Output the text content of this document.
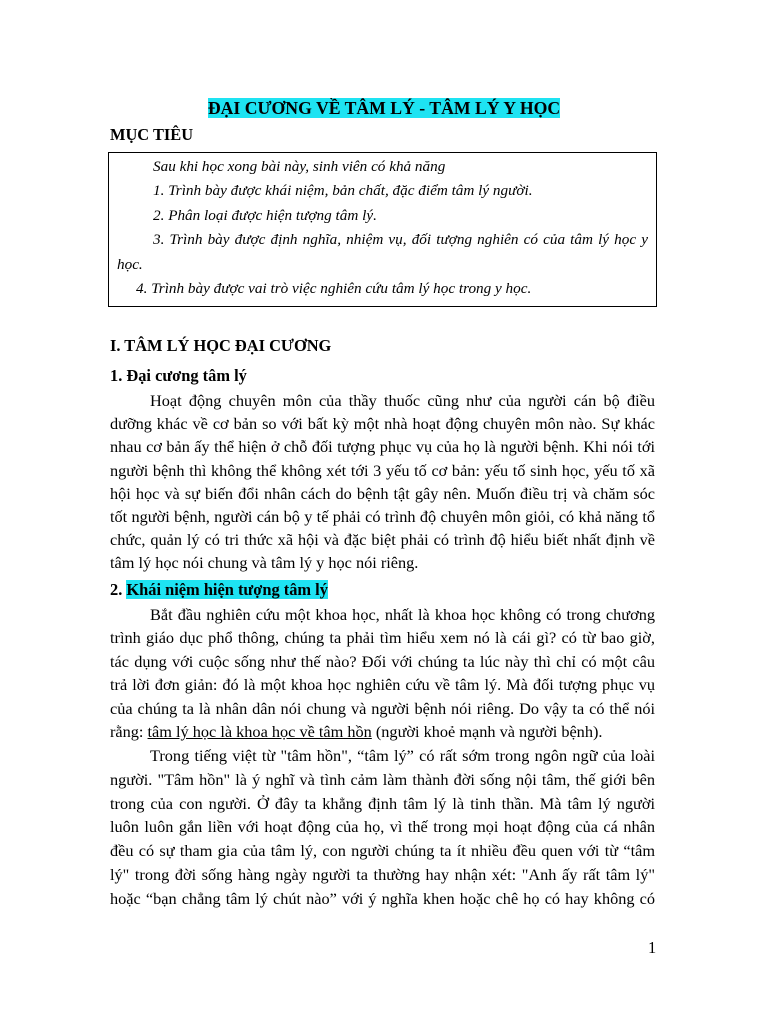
ĐẠI CƯƠNG VỀ TÂM LÝ - TÂM LÝ Y HỌC
MỤC TIÊU

Sau khi học xong bài này, sinh viên có khả năng

1. Trình bày được khái niệm, bản chất, đặc điểm tâm lý người.

2. Phân loại được hiện tượng tâm lý.

3. Trình bày được định nghĩa, nhiệm vụ, đối tượng nghiên có của tâm lý học y học.

4. Trình bày được vai trò việc nghiên cứu tâm lý học trong y học.

I. TÂM LÝ HỌC ĐẠI CƯƠNG
1. Đại cương tâm lý
Hoạt động chuyên môn của thầy thuốc cũng như của người cán bộ điều
dưỡng khác về cơ bản so với bất kỳ một nhà hoạt động chuyên môn nào. Sự khác
nhau cơ bản ấy thể hiện ở chỗ đối tượng phục vụ của họ là người bệnh. Khi nói tới
người bệnh thì không thể không xét tới 3 yếu tố cơ bản: yếu tố sinh học, yếu tố xã
hội học và sự biến đổi nhân cách do bệnh tật gây nên. Muốn điều trị và chăm sóc
tốt người bệnh, người cán bộ y tế phải có trình độ chuyên môn giỏi, có khả năng tổ
chức, quản lý có tri thức xã hội và đặc biệt phải có trình độ hiểu biết nhất định về
tâm lý học nói chung và tâm lý y học nói riêng.
2. Khái niệm hiện tượng tâm lý
Bắt đầu nghiên cứu một khoa học, nhất là khoa học không có trong chương
trình giáo dục phổ thông, chúng ta phải tìm hiểu xem nó là cái gì? có từ bao giờ,
tác dụng với cuộc sống như thế nào? Đối với chúng ta lúc này thì chỉ có một câu
trả lời đơn giản: đó là một khoa học nghiên cứu về tâm lý. Mà đối tượng phục vụ
của chúng ta là nhân dân nói chung và người bệnh nói riêng. Do vậy ta có thể nói
rằng: tâm lý học là khoa học về tâm hồn (người khoẻ mạnh và người bệnh).
Trong tiếng việt từ "tâm hồn", “tâm lý” có rất sớm trong ngôn ngữ của loài
người. "Tâm hồn" là ý nghĩ và tình cảm làm thành đời sống nội tâm, thế giới bên
trong của con người. Ở đây ta khẳng định tâm lý là tinh thần. Mà tâm lý người
luôn luôn gắn liền với hoạt động của họ, vì thế trong mọi hoạt động của cá nhân
đều có sự tham gia của tâm lý, con người chúng ta ít nhiều đều quen với từ “tâm
lý" trong đời sống hàng ngày người ta thường hay nhận xét: "Anh ấy rất tâm lý"
hoặc “bạn chẳng tâm lý chút nào” với ý nghĩa khen hoặc chê họ có hay không có
1
